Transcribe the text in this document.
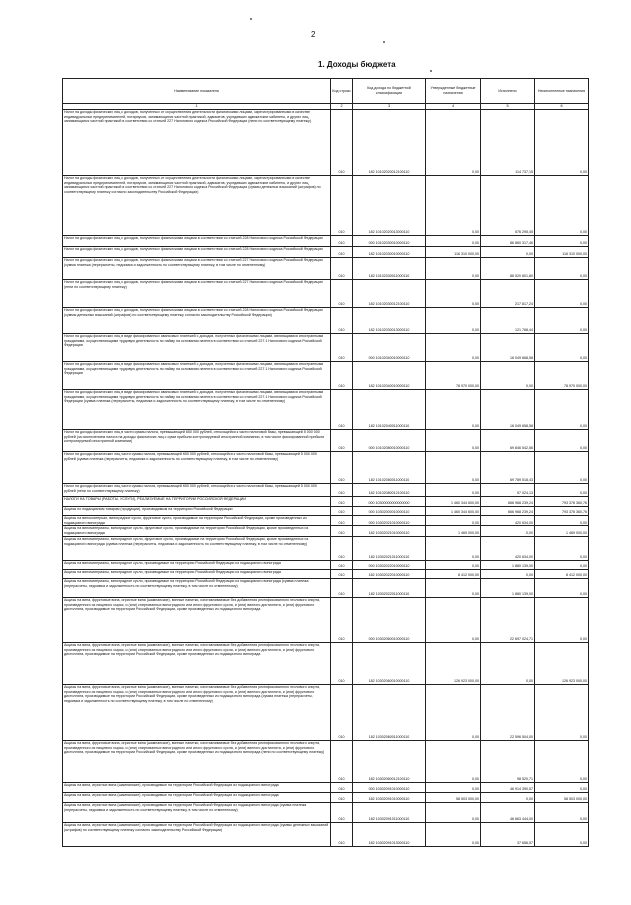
2
1. Доходы бюджета
Наименование показателя	Код строки	Код дохода по бюджетной классификации	Утвержденные бюджетные назначения	Исполнено	Неисполненные назначения
1	2	3	4	5	6
Налог на доходы физических лиц с доходов, полученных от осуществления деятельности физическими лицами, зарегистрированными в качестве индивидуальных предпринимателей, нотариусов, занимающихся частной практикой, адвокатов, учредивших адвокатские кабинеты, и других лиц, занимающихся частной практикой в соответствии со статьей 227 Налогового кодекса Российской Федерации (пени по соответствующему платежу)	010	182 10102020012100110	0,00	114 737,15	0,00
Налог на доходы физических лиц с доходов, полученных от осуществления деятельности физическими лицами, зарегистрированными в качестве индивидуальных предпринимателей, нотариусов, занимающихся частной практикой, адвокатов, учредивших адвокатские кабинеты, и других лиц, занимающихся частной практикой в соответствии со статьей 227 Налогового кодекса Российской Федерации (суммы денежных взысканий (штрафов) по соответствующему платежу согласно законодательству Российской Федерации)	010	182 10102020013000110	0,00	576 295,45	0,00
Налог на доходы физических лиц с доходов, полученных физическими лицами в соответствии со статьей 228 Налогового кодекса Российской Федерации	010	000 10102030010000110	0,00	86 860 317,46	0,00
Налог на доходы физических лиц с доходов, полученных физическими лицами в соответствии со статьей 228 Налогового кодекса Российской Федерации	010	182 10102030010000110	116 310 000,00	0,00	116 310 000,00
Налог на доходы физических лиц с доходов, полученных физическими лицами в соответствии со статьей 227 Налогового кодекса Российской Федерации (сумма платежа (перерасчеты, недоимка и задолженность по соответствующему платежу, в том числе по отмененному)	010	182 10102030011000110	0,00	86 520 801,80	0,00
Налог на доходы физических лиц с доходов, полученных физическими лицами в соответствии со статьей 227 Налогового кодекса Российской Федерации (пени по соответствующему платежу)	010	182 10102030012100110	0,00	217 817,24	0,00
Налог на доходы физических лиц с доходов, полученных физическими лицами в соответствии со статьей 228 Налогового кодекса Российской Федерации (суммы денежных взысканий (штрафов) по соответствующему платежу согласно законодательству Российской Федерации)	010	182 10102030013000110	0,00	121 768,44	0,00
Налог на доходы физических лиц в виде фиксированных авансовых платежей с доходов, полученных физическими лицами, являющимися иностранными гражданами, осуществляющими трудовую деятельность по найму на основании патента в соответствии со статьей 227.1 Налогового кодекса Российской Федерации	010	000 10102040010000110	0,00	16 049 668,58	0,00
Налог на доходы физических лиц в виде фиксированных авансовых платежей с доходов, полученных физическими лицами, являющимися иностранными гражданами, осуществляющими трудовую деятельность по найму на основании патента в соответствии со статьей 227.1 Налогового кодекса Российской Федерации	010	182 10102040010000110	78 970 000,00	0,00	78 970 000,00
Налог на доходы физических лиц в виде фиксированных авансовых платежей с доходов, полученных физическими лицами, являющимися иностранными гражданами, осуществляющими трудовую деятельность по найму на основании патента в соответствии со статьей 227.1 Налогового кодекса Российской Федерации (сумма платежа (перерасчеты, недоимка и задолженность по соответствующему платежу, в том числе по отмененному)	010	182 10102040011000110	0,00	16 049 658,58	0,00
Налог на доходы физических лиц в части суммы налога, превышающей 650 000 рублей, относящейся к части налоговой базы, превышающей 5 000 000 рублей (за исключением налога на доходы физических лиц с сумм прибыли контролируемой иностранной компании, в том числе фиксированной прибыли контролируемой иностранной компании)	010	000 10102080010000110	0,00	69 846 542,56	0,00
Налог на доходы физических лиц части суммы налога, превышающей 650 000 рублей, относящейся к части налоговой базы, превышающей 5 000 000 рублей (сумма платежа (перерасчеты, недоимка и задолженность по соответствующему платежу, в том числе по отмененному)	010	182 10102080011000110	0,00	69 789 518,43	0,00
Налог на доходы физических лиц части суммы налога, превышающей 650 000 рублей, относящейся к части налоговой базы, превышающей 5 000 000 рублей (пени по соответствующему платежу)	010	182 10102080012100110	0,00	57 024,13	0,00
НАЛОГИ НА ТОВАРЫ (РАБОТЫ, УСЛУГИ), РЕАЛИЗУЕМЫЕ НА ТЕРРИТОРИИ РОССИЙСКОЙ ФЕДЕРАЦИИ	010	000 10300000000000000	1 460 344 600,00	666 968 239,24	793 376 360,76
Акцизы по подакцизным товарам (продукции), производимым на территории Российской Федерации	010	000 10302000010000110	1 460 344 600,00	666 968 239,24	793 376 360,76
Акцизы на винокоятерьал, виноградное сусло, фруктовое сусло, производимые на территории Российской Федерации, кроме произведенных из подакцизного винограда	010	000 10302021010000110	0,00	420 634,00	0,00
Акцизы на виноматериалы, виноградное сусло, фруктовое сусло, производимые на территории Российской Федерации, кроме произведенных из подакцизного винограда	010	182 10302021010000110	1 469 000,00	0,00	1 469 000,00
Акцизы на виноматериалы, виноградное сусло, фруктовое сусло, производимые на территории Российской Федерации, кроме произведенных из подакцизного винограда (сумма платежа (перерасчеты, недоимка и задолженность по соответствующему платежу, в том числе по отмененному)	010	182 10302021011000110	0,00	420 634,00	0,00
Акцизы на виноматериалы, виноградное сусло, производимые на территории Российской Федерации из подакцизного винограда	010	000 10302022010000110	0,00	1 880 139,00	0,00
Акцизы на виноматериалы, виноградное сусло, производимые на территории Российской Федерации из подакцизного винограда	010	182 10302022010000110	8 412 000,00	0,00	8 412 000,00
Акцизы на виноматериалы, виноградное сусло, производимые на территории Российской Федерации из подакцизного винограда (сумма платежа (перерасчеты, недоимка и задолженность по соответствующему платежу, в том числе по отмененному)	010	182 10302022011000110	0,00	1 880 139,00	0,00
Акцизы на вина, фруктовые вина, игристые вина (шампанские), винные напитки, изготавливаемые без добавления ректификованного этилового спирта, произведенного из пищевого сырья, и (или) спиртованных виноградного или иного фруктового сусла, и (или) винного дистиллята, и (или) фруктового дистиллята, производимые на территории Российской Федерации, кроме произведенных из подакцизного винограда	010	000 10302060010000110	0,00	22 697 024,71	0,00
Акцизы на вина, фруктовые вина, игристые вина (шампанские), винные напитки, изготавливаемые без добавления ректификованного этилового спирта, произведенного из пищевого сырья, и (или) спиртованных виноградного или иного фруктового сусла, и (или) винного дистиллята, и (или) фруктового дистиллята, производимые на территории Российской Федерации, кроме произведенных из подакцизного винограда	010	182 10302060010000110	126 923 000,00	0,00	126 923 000,00
Акцизы на вина, фруктовые вина, игристые вина (шампанские), винные напитки, изготавливаемые без добавления ректификованного этилового спирта, произведенного из пищевого сырья, и (или) спиртованных виноградного или иного фруктового сусла, и (или) винного дистиллята, и (или) фруктового дистиллята, производимые на территории Российской Федерации, кроме произведенных из подакцизного винограда (сумма платежа (перерасчеты, недоимка и задолженность по соответствующему платежу, в том числе по отмененному)	010	182 10302060011000110	0,00	22 596 504,00	0,00
Акцизы на вина, фруктовые вина, игристые вина (шампанские), винные напитки, изготавливаемые без добавления ректификованного этилового спирта, произведенного из пищевого сырья, и (или) спиртованных виноградного или иного фруктового сусла, и (или) винного дистиллята, и (или) фруктового дистиллята, производимые на территории Российской Федерации, кроме произведенных из подакцизного винограда (пени по соответствующему платежу)	010	182 10302060012100110	0,00	98 520,71	0,00
Акцизы на вина, игристые вина (шампанские), производимые на территории Российской Федерации из подакцизного винограда	010	000 10302091010000110	0,00	46 914 390,57	0,00
Акцизы на вина, игристые вина (шампанские), производимые на территории Российской Федерации из подакцизного винограда	010	182 10302091010000110	58 503 000,00	0,00	58 503 000,00
Акцизы на вина, игристые вина (шампанские), производимые на территории Российской Федерации из подакцизного винограда (сумма платежа (перерасчеты, недоимка и задолженность по соответствующему платежу, в том числе по отмененному)	010	182 10302091011000110	0,00	46 663 444,00	0,00
Акцизы на вина, игристые вина (шампанские), производимые на территории Российской Федерации из подакцизного винограда (суммы денежных взысканий (штрафов) по соответствующему платежу согласно законодательству Российской Федерации)	010	182 10302091013000110	0,00	37 656,57	0,00
